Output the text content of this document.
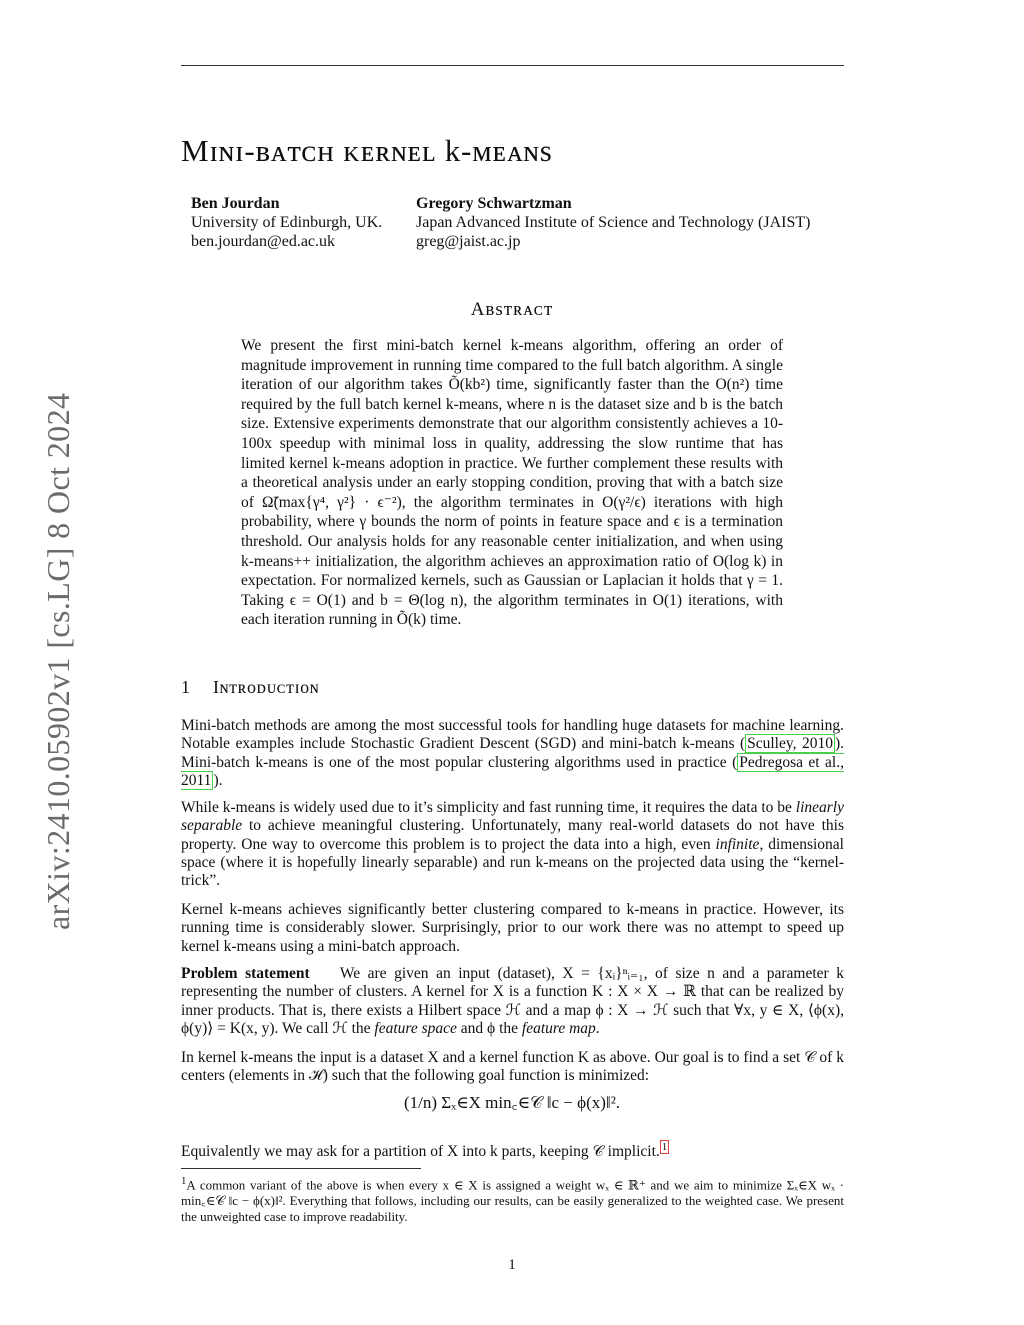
arXiv:2410.05902v1 [cs.LG] 8 Oct 2024
Mɪɴɪ-ʙᴀᴛᴄʜ ᴋᴇʀɴᴇʟ k-ᴍᴇᴀɴѕ
Ben Jourdan
University of Edinburgh, UK.
ben.jourdan@ed.ac.uk
Gregory Schwartzman
Japan Advanced Institute of Science and Technology (JAIST)
greg@jaist.ac.jp
Aʙѕᴛʀᴀᴄᴛ
We present the first mini-batch kernel k-means algorithm, offering an order of magnitude improvement in running time compared to the full batch algorithm. A single iteration of our algorithm takes Õ(kb²) time, significantly faster than the O(n²) time required by the full batch kernel k-means, where n is the dataset size and b is the batch size. Extensive experiments demonstrate that our algorithm consistently achieves a 10-100x speedup with minimal loss in quality, addressing the slow runtime that has limited kernel k-means adoption in practice. We further complement these results with a theoretical analysis under an early stopping condition, proving that with a batch size of Ω̃(max{γ⁴, γ²} · ϵ⁻²), the algorithm terminates in O(γ²/ϵ) iterations with high probability, where γ bounds the norm of points in feature space and ϵ is a termination threshold. Our analysis holds for any reasonable center initialization, and when using k-means++ initialization, the algorithm achieves an approximation ratio of O(log k) in expectation. For normalized kernels, such as Gaussian or Laplacian it holds that γ = 1. Taking ϵ = O(1) and b = Θ(log n), the algorithm terminates in O(1) iterations, with each iteration running in Õ(k) time.
1 Iɴᴛʀᴏᴅᴜᴄᴛɪᴏɴ
Mini-batch methods are among the most successful tools for handling huge datasets for machine learning. Notable examples include Stochastic Gradient Descent (SGD) and mini-batch k-means ( Sculley, 2010 ). Mini-batch k-means is one of the most popular clustering algorithms used in practice ( Pedregosa et al., 2011 ).
While k-means is widely used due to it’s simplicity and fast running time, it requires the data to be linearly separable to achieve meaningful clustering. Unfortunately, many real-world datasets do not have this property. One way to overcome this problem is to project the data into a high, even infinite, dimensional space (where it is hopefully linearly separable) and run k-means on the projected data using the “kernel-trick”.
Kernel k-means achieves significantly better clustering compared to k-means in practice. However, its running time is considerably slower. Surprisingly, prior to our work there was no attempt to speed up kernel k-means using a mini-batch approach.
Problem statement We are given an input (dataset), X = {xᵢ}ⁿᵢ₌₁, of size n and a parameter k representing the number of clusters. A kernel for X is a function K : X × X → ℝ that can be realized by inner products. That is, there exists a Hilbert space ℋ and a map ϕ : X → ℋ such that ∀x, y ∈ X, ⟨ϕ(x), ϕ(y)⟩ = K(x, y). We call ℋ the feature space and ϕ the feature map.
In kernel k-means the input is a dataset X and a kernel function K as above. Our goal is to find a set 𝒞 of k centers (elements in ℋ) such that the following goal function is minimized:
(1/n) Σₓ∈X min꜀∈𝒞 ‖c − ϕ(x)‖².
Equivalently we may ask for a partition of X into k parts, keeping 𝒞 implicit. $^1$
$^1$A common variant of the above is when every x ∈ X is assigned a weight wₓ ∈ ℝ⁺ and we aim to minimize Σₓ∈X wₓ · min꜀∈𝒞 ‖c − ϕ(x)‖². Everything that follows, including our results, can be easily generalized to the weighted case. We present the unweighted case to improve readability.
1
